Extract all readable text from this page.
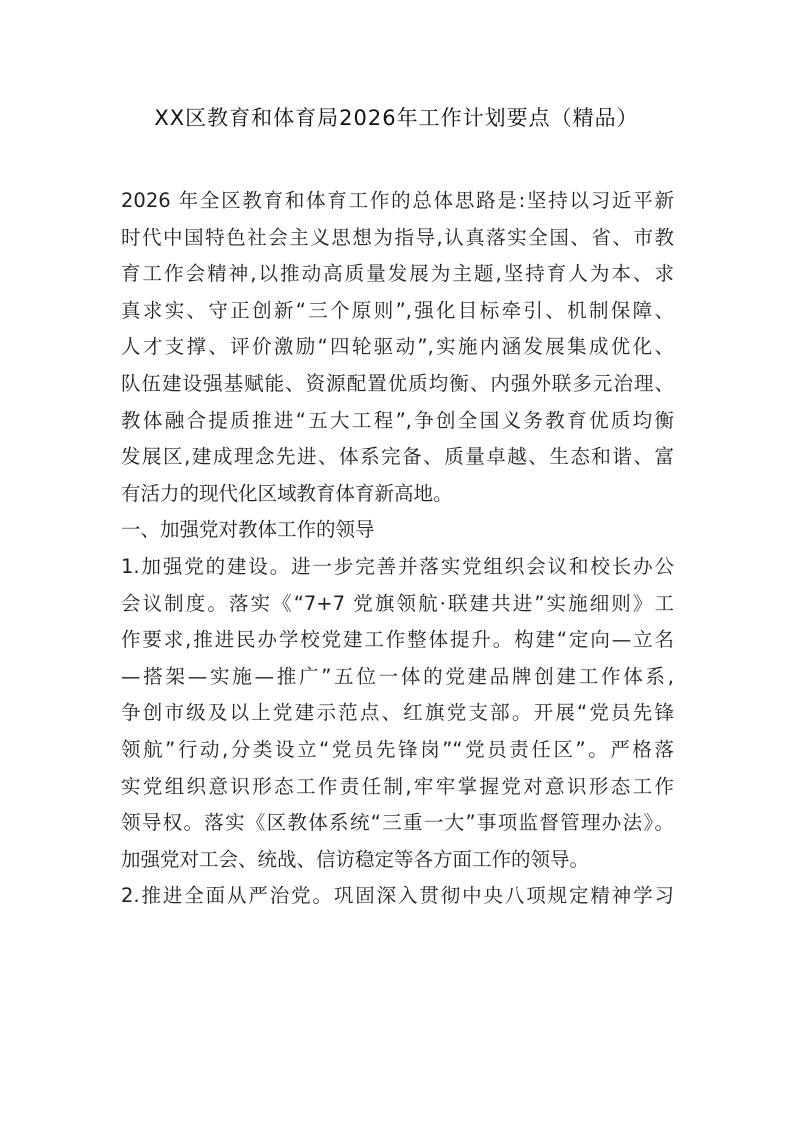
XX区教育和体育局2026年工作计划要点（精品）
2026 年全区教育和体育工作的总体思路是:坚持以习近平新
时代中国特色社会主义思想为指导,认真落实全国、省、市教
育工作会精神,以推动高质量发展为主题,坚持育人为本、求
真求实、守正创新“三个原则”,强化目标牵引、机制保障、
人才支撑、评价激励“四轮驱动”,实施内涵发展集成优化、
队伍建设强基赋能、资源配置优质均衡、内强外联多元治理、
教体融合提质推进“五大工程”,争创全国义务教育优质均衡
发展区,建成理念先进、体系完备、质量卓越、生态和谐、富
有活力的现代化区域教育体育新高地。
一、加强党对教体工作的领导
1.加强党的建设。进一步完善并落实党组织会议和校长办公
会议制度。落实《“7+7 党旗领航·联建共进”实施细则》工
作要求,推进民办学校党建工作整体提升。构建“定向—立名
—搭架—实施—推广”五位一体的党建品牌创建工作体系,
争创市级及以上党建示范点、红旗党支部。开展“党员先锋
领航”行动,分类设立“党员先锋岗”“党员责任区”。严格落
实党组织意识形态工作责任制,牢牢掌握党对意识形态工作
领导权。落实《区教体系统“三重一大”事项监督管理办法》。
加强党对工会、统战、信访稳定等各方面工作的领导。
2.推进全面从严治党。巩固深入贯彻中央八项规定精神学习
